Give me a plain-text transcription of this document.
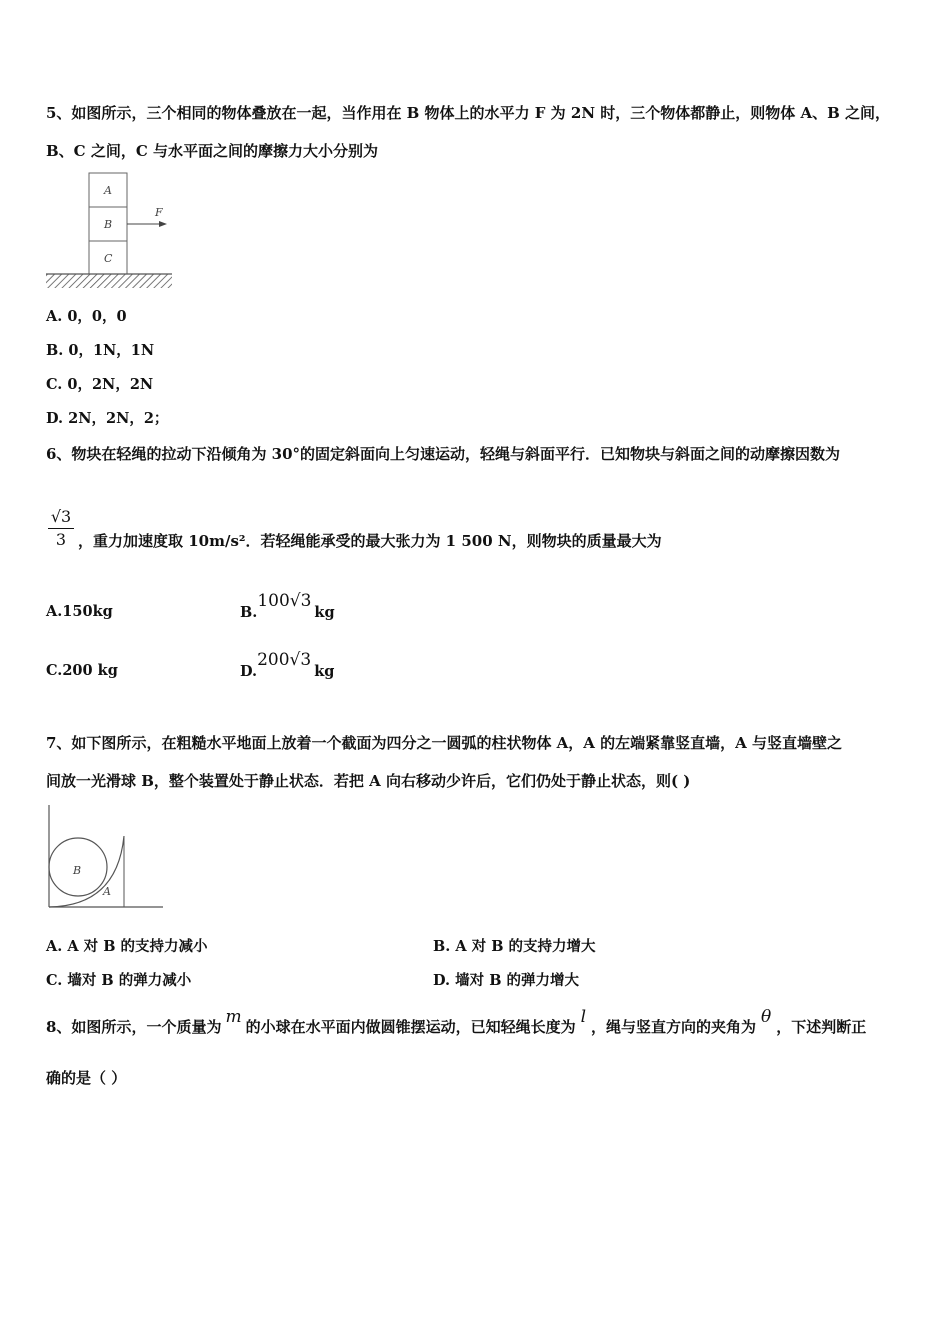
5、如图所示，三个相同的物体叠放在一起，当作用在 B 物体上的水平力 F 为 2N 时，三个物体都静止，则物体 A、B 之间，
B、C 之间，C 与水平面之间的摩擦力大小分别为
A
B
C
F
A. 0，0，0
B. 0，1N，1N
C. 0，2N，2N
D. 2N，2N，2；
6、物块在轻绳的拉动下沿倾角为 30°的固定斜面向上匀速运动，轻绳与斜面平行．已知物块与斜面之间的动摩擦因数为
√3
3 ，重力加速度取 10m/s²．若轻绳能承受的最大张力为 1 500 N，则物块的质量最大为
A.150kg	B.100√3kg
C.200 kg	D.200√3kg
7、如下图所示，在粗糙水平地面上放着一个截面为四分之一圆弧的柱状物体 A，A 的左端紧靠竖直墙，A 与竖直墙壁之
间放一光滑球 B，整个装置处于静止状态．若把 A 向右移动少许后，它们仍处于静止状态，则( )
B
A
A. A 对 B 的支持力减小	B. A 对 B 的支持力增大
C. 墙对 B 的弹力减小	D. 墙对 B 的弹力增大
8、如图所示，一个质量为 m 的小球在水平面内做圆锥摆运动，已知轻绳长度为 l ，绳与竖直方向的夹角为 θ ，下述判断正
确的是（ ）
